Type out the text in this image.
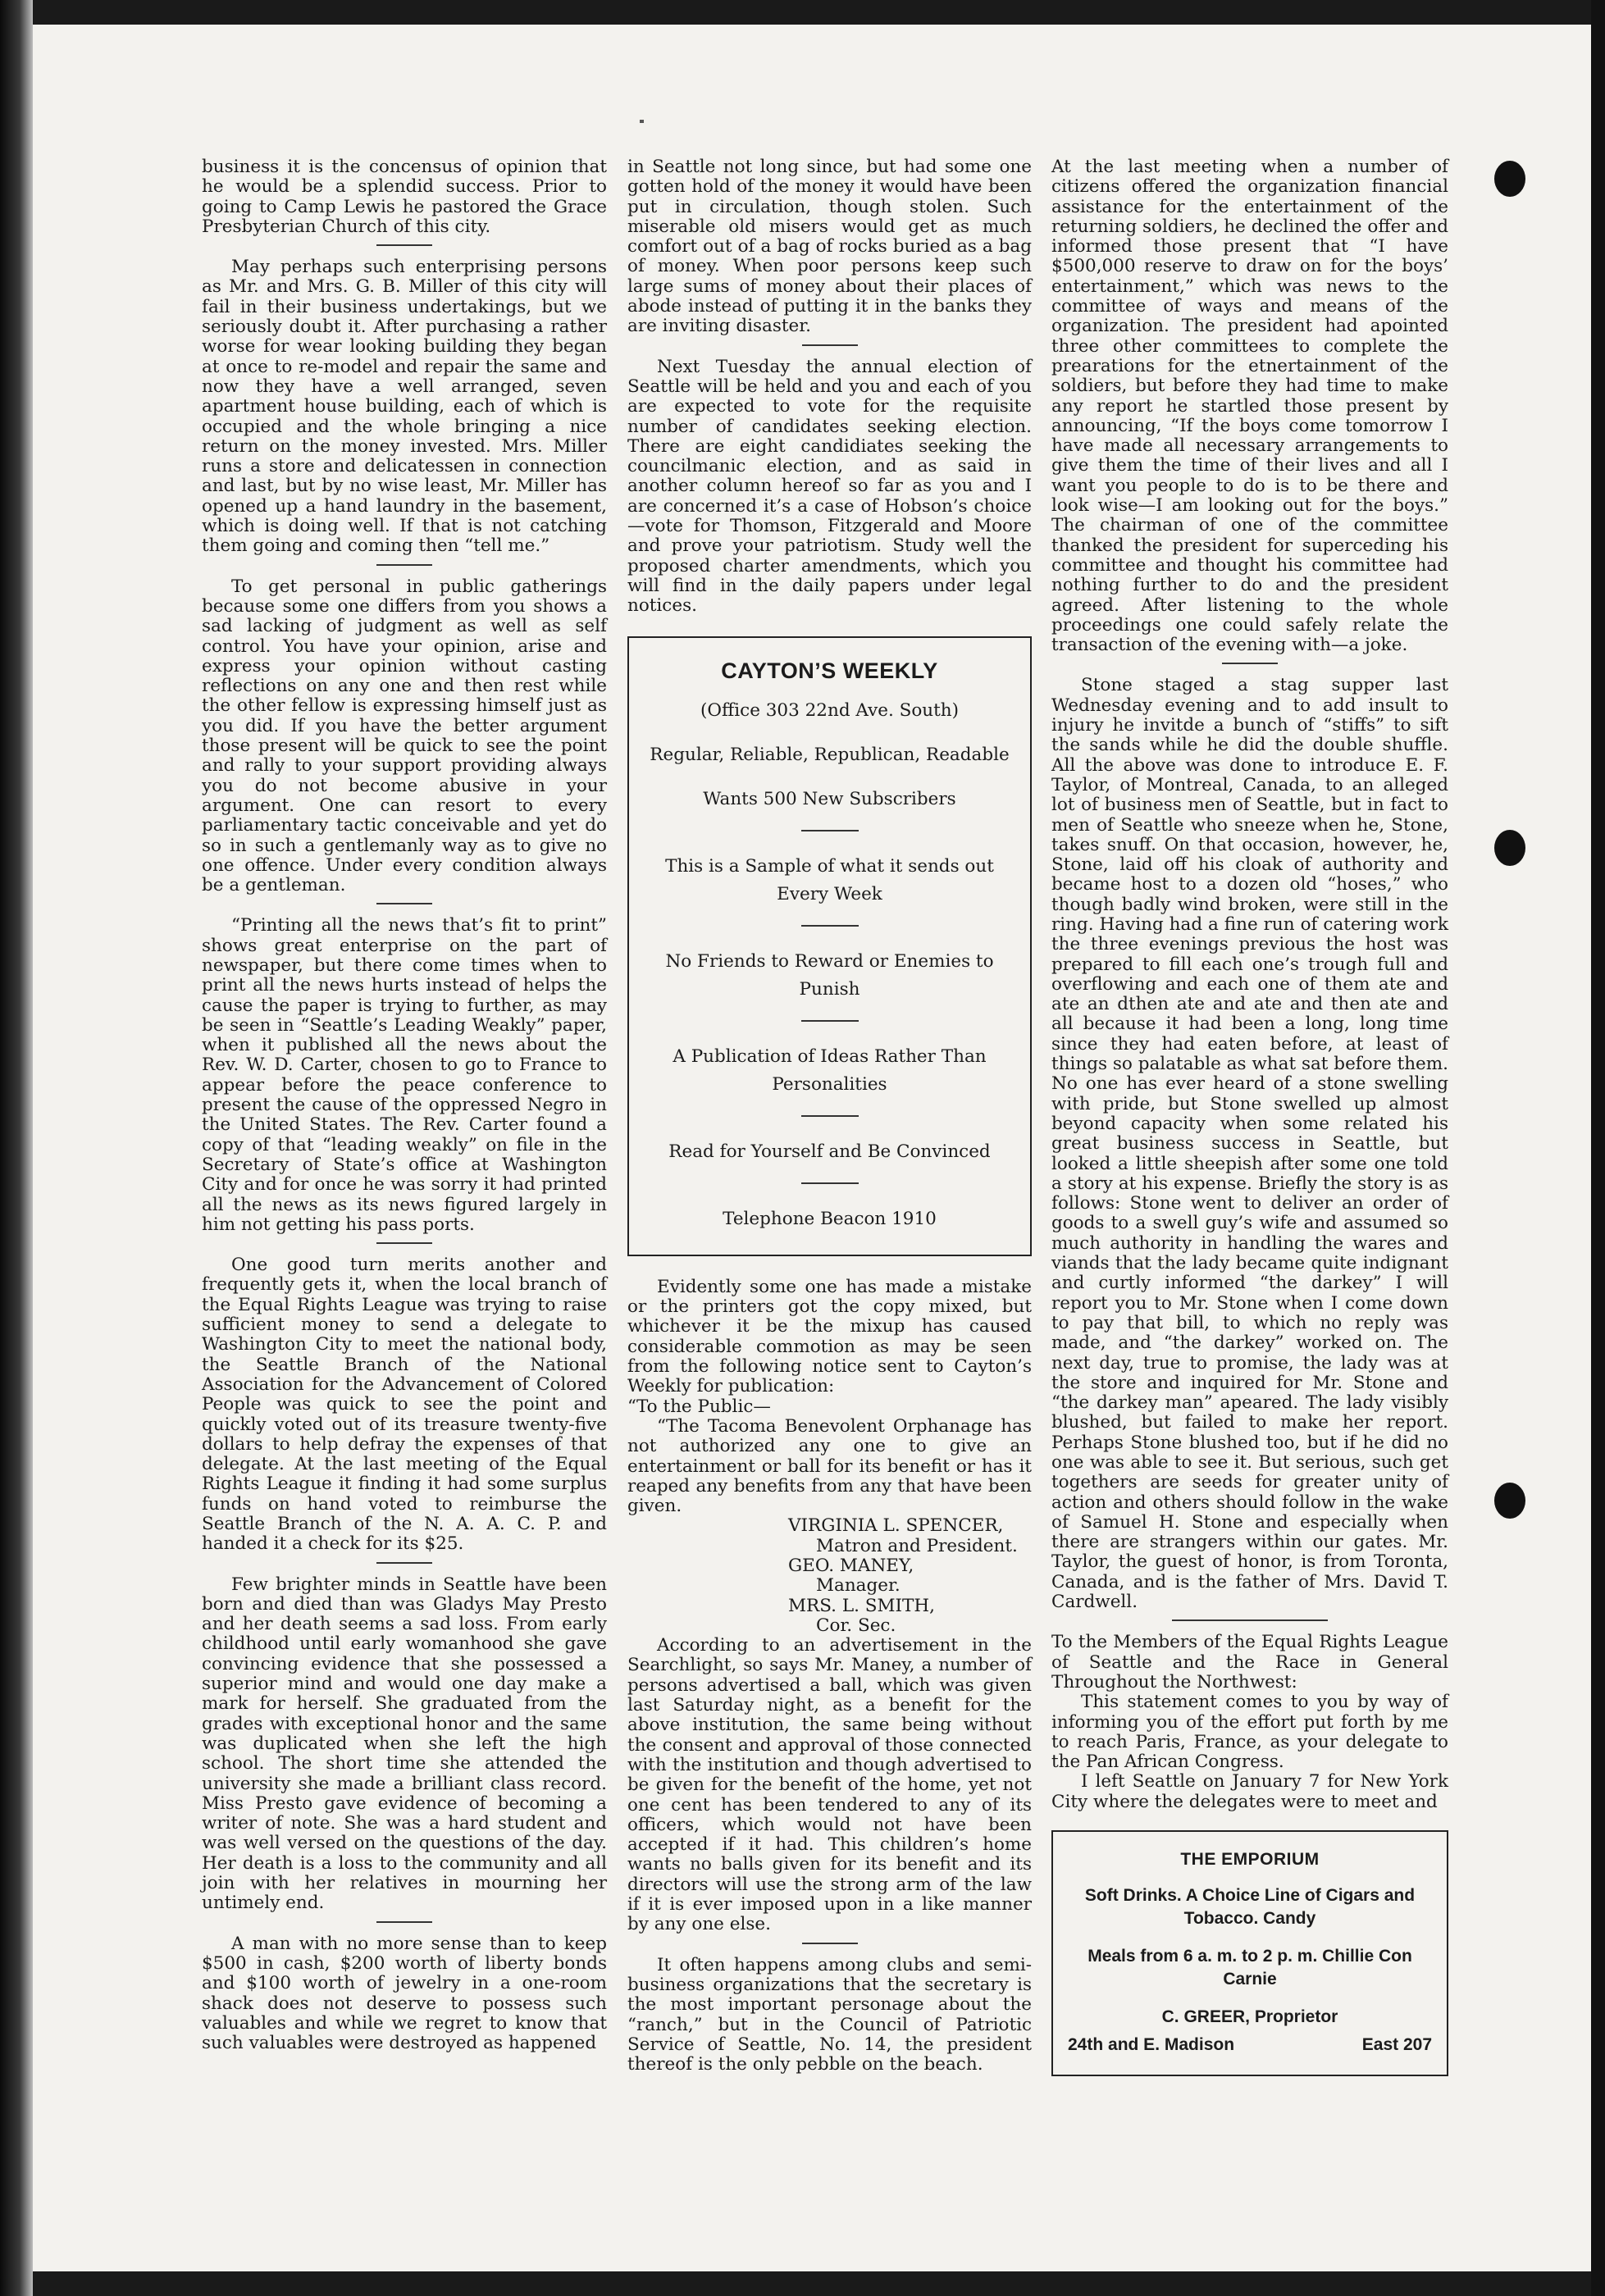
business it is the concensus of opinion that he would be a splendid success. Prior to going to Camp Lewis he pastored the Grace Presbyterian Church of this city.

May perhaps such enterprising persons as Mr. and Mrs. G. B. Miller of this city will fail in their business undertakings, but we seriously doubt it. After purchasing a rather worse for wear looking building they began at once to re-model and repair the same and now they have a well arranged, seven apartment house building, each of which is occupied and the whole bringing a nice return on the money invested. Mrs. Miller runs a store and delicatessen in connection and last, but by no wise least, Mr. Miller has opened up a hand laundry in the basement, which is doing well. If that is not catching them going and coming then “tell me.”

To get personal in public gatherings because some one differs from you shows a sad lacking of judgment as well as self control. You have your opinion, arise and express your opinion without casting reflections on any one and then rest while the other fellow is expressing himself just as you did. If you have the better argument those present will be quick to see the point and rally to your support providing always you do not become abusive in your argument. One can resort to every parliamentary tactic conceivable and yet do so in such a gentlemanly way as to give no one offence. Under every condition always be a gentleman.

“Printing all the news that’s fit to print” shows great enterprise on the part of newspaper, but there come times when to print all the news hurts instead of helps the cause the paper is trying to further, as may be seen in “Seattle’s Leading Weakly” paper, when it published all the news about the Rev. W. D. Carter, chosen to go to France to appear before the peace conference to present the cause of the oppressed Negro in the United States. The Rev. Carter found a copy of that “leading weakly” on file in the Secretary of State’s office at Washington City and for once he was sorry it had printed all the news as its news figured largely in him not getting his pass ports.

One good turn merits another and frequently gets it, when the local branch of the Equal Rights League was trying to raise sufficient money to send a delegate to Washington City to meet the national body, the Seattle Branch of the National Association for the Advancement of Colored People was quick to see the point and quickly voted out of its treasure twenty-five dollars to help defray the expenses of that delegate. At the last meeting of the Equal Rights League it finding it had some surplus funds on hand voted to reimburse the Seattle Branch of the N. A. A. C. P. and handed it a check for its $25.

Few brighter minds in Seattle have been born and died than was Gladys May Presto and her death seems a sad loss. From early childhood until early womanhood she gave convincing evidence that she possessed a superior mind and would one day make a mark for herself. She graduated from the grades with exceptional honor and the same was duplicated when she left the high school. The short time she attended the university she made a brilliant class record. Miss Presto gave evidence of becoming a writer of note. She was a hard student and was well versed on the questions of the day. Her death is a loss to the community and all join with her relatives in mourning her untimely end.

A man with no more sense than to keep $500 in cash, $200 worth of liberty bonds and $100 worth of jewelry in a one-room shack does not deserve to possess such valuables and while we regret to know that such valuables were destroyed as happened

in Seattle not long since, but had some one gotten hold of the money it would have been put in circulation, though stolen. Such miserable old misers would get as much comfort out of a bag of rocks buried as a bag of money. When poor persons keep such large sums of money about their places of abode instead of putting it in the banks they are inviting disaster.

Next Tuesday the annual election of Seattle will be held and you and each of you are expected to vote for the requisite number of candidates seeking election. There are eight candidiates seeking the councilmanic election, and as said in another column hereof so far as you and I are concerned it’s a case of Hobson’s choice—vote for Thomson, Fitzgerald and Moore and prove your patriotism. Study well the proposed charter amendments, which you will find in the daily papers under legal notices.

CAYTON’S WEEKLY

(Office 303 22nd Ave. South)

Regular, Reliable, Republican, Readable

Wants 500 New Subscribers

This is a Sample of what it sends out Every Week

No Friends to Reward or Enemies to Punish

A Publication of Ideas Rather Than Personalities

Read for Yourself and Be Convinced

Telephone Beacon 1910

Evidently some one has made a mistake or the printers got the copy mixed, but whichever it be the mixup has caused considerable commotion as may be seen from the following notice sent to Cayton’s Weekly for publication:

“To the Public—

“The Tacoma Benevolent Orphanage has not authorized any one to give an entertainment or ball for its benefit or has it reaped any benefits from any that have been given.

VIRGINIA L. SPENCER,
Matron and President.
GEO. MANEY,
Manager.
MRS. L. SMITH,
Cor. Sec.

According to an advertisement in the Searchlight, so says Mr. Maney, a number of persons advertised a ball, which was given last Saturday night, as a benefit for the above institution, the same being without the consent and approval of those connected with the institution and though advertised to be given for the benefit of the home, yet not one cent has been tendered to any of its officers, which would not have been accepted if it had. This children’s home wants no balls given for its benefit and its directors will use the strong arm of the law if it is ever imposed upon in a like manner by any one else.

It often happens among clubs and semi-business organizations that the secretary is the most important personage about the “ranch,” but in the Council of Patriotic Service of Seattle, No. 14, the president thereof is the only pebble on the beach.

At the last meeting when a number of citizens offered the organization financial assistance for the entertainment of the returning soldiers, he declined the offer and informed those present that “I have $500,000 reserve to draw on for the boys’ entertainment,” which was news to the committee of ways and means of the organization. The president had apointed three other committees to complete the prearations for the etnertainment of the soldiers, but before they had time to make any report he startled those present by announcing, “If the boys come tomorrow I have made all necessary arrangements to give them the time of their lives and all I want you people to do is to be there and look wise—I am looking out for the boys.” The chairman of one of the committee thanked the president for superceding his committee and thought his committee had nothing further to do and the president agreed. After listening to the whole proceedings one could safely relate the transaction of the evening with—a joke.

Stone staged a stag supper last Wednesday evening and to add insult to injury he invitde a bunch of “stiffs” to sift the sands while he did the double shuffle. All the above was done to introduce E. F. Taylor, of Montreal, Canada, to an alleged lot of business men of Seattle, but in fact to men of Seattle who sneeze when he, Stone, takes snuff. On that occasion, however, he, Stone, laid off his cloak of authority and became host to a dozen old “hoses,” who though badly wind broken, were still in the ring. Having had a fine run of catering work the three evenings previous the host was prepared to fill each one’s trough full and overflowing and each one of them ate and ate an dthen ate and ate and then ate and all because it had been a long, long time since they had eaten before, at least of things so palatable as what sat before them. No one has ever heard of a stone swelling with pride, but Stone swelled up almost beyond capacity when some related his great business success in Seattle, but looked a little sheepish after some one told a story at his expense. Briefly the story is as follows: Stone went to deliver an order of goods to a swell guy’s wife and assumed so much authority in handling the wares and viands that the lady became quite indignant and curtly informed “the darkey” I will report you to Mr. Stone when I come down to pay that bill, to which no reply was made, and “the darkey” worked on. The next day, true to promise, the lady was at the store and inquired for Mr. Stone and “the darkey man” apeared. The lady visibly blushed, but failed to make her report. Perhaps Stone blushed too, but if he did no one was able to see it. But serious, such get togethers are seeds for greater unity of action and others should follow in the wake of Samuel H. Stone and especially when there are strangers within our gates. Mr. Taylor, the guest of honor, is from Toronta, Canada, and is the father of Mrs. David T. Cardwell.

To the Members of the Equal Rights League of Seattle and the Race in General Throughout the Northwest:

This statement comes to you by way of informing you of the effort put forth by me to reach Paris, France, as your delegate to the Pan African Congress.

I left Seattle on January 7 for New York City where the delegates were to meet and

THE EMPORIUM
Soft Drinks. A Choice Line of Cigars and Tobacco. Candy
Meals from 6 a. m. to 2 p. m. Chillie Con Carnie
C. GREER, Proprietor
24th and E. Madison	East 207
